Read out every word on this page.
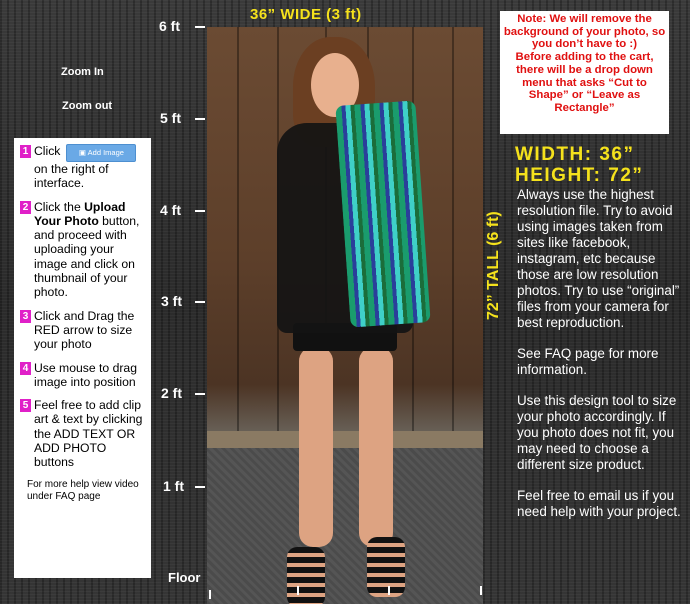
36” WIDE (3 ft)
Zoom In
Zoom out
6 ft
5 ft
4 ft
3 ft
2 ft
1 ft
Floor
1 Click ▣ Add Image
on the right of interface.
2 Click the Upload Your Photo button, and proceed with uploading your image and click on thumbnail of your photo.
3 Click and Drag the RED arrow to size your photo
4 Use mouse to drag image into position
5 Feel free to add clip art & text by clicking the ADD TEXT OR ADD PHOTO buttons
For more help view video under FAQ page

Note: We will remove the background of your photo, so you don’t have to :)

Before adding to the cart, there will be a drop down menu that asks “Cut to Shape” or “Leave as Rectangle”

WIDTH: 36”
HEIGHT: 72”
72” TALL (6 ft)

Always use the highest resolution file. Try to avoid using images taken from sites like facebook, instagram, etc because those are low resolution photos. Try to use “original” files from your camera for best reproduction.

See FAQ page for more information.

Use this design tool to size your photo accordingly. If you photo does not fit, you may need to choose a different size product.

Feel free to email us if you need help with your project.
